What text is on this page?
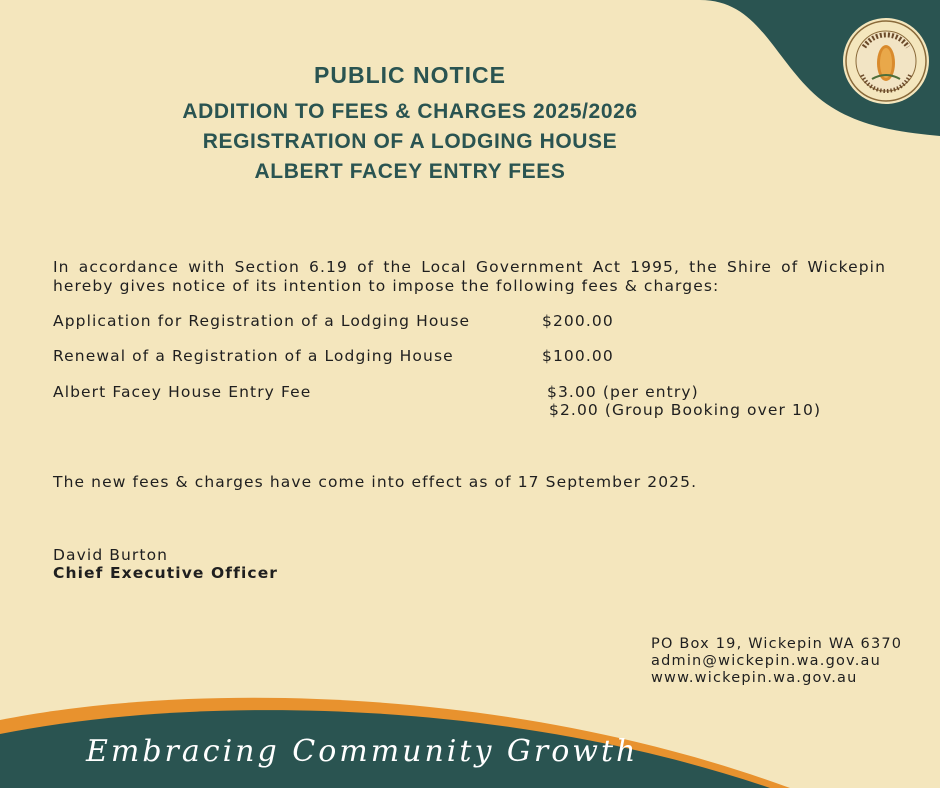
PUBLIC NOTICE
ADDITION TO FEES & CHARGES 2025/2026
REGISTRATION OF A LODGING HOUSE
ALBERT FACEY ENTRY FEES
In accordance with Section 6.19 of the Local Government Act 1995, the Shire of Wickepin hereby gives notice of its intention to impose the following fees & charges:
Application for Registration of a Lodging House	$200.00
Renewal of a Registration of a Lodging House	$100.00
Albert Facey House Entry Fee	$3.00 (per entry)
$2.00 (Group Booking over 10)
The new fees & charges have come into effect as of 17 September 2025.
David Burton
Chief Executive Officer
PO Box 19, Wickepin WA 6370
admin@wickepin.wa.gov.au
www.wickepin.wa.gov.au
Embracing Community Growth
